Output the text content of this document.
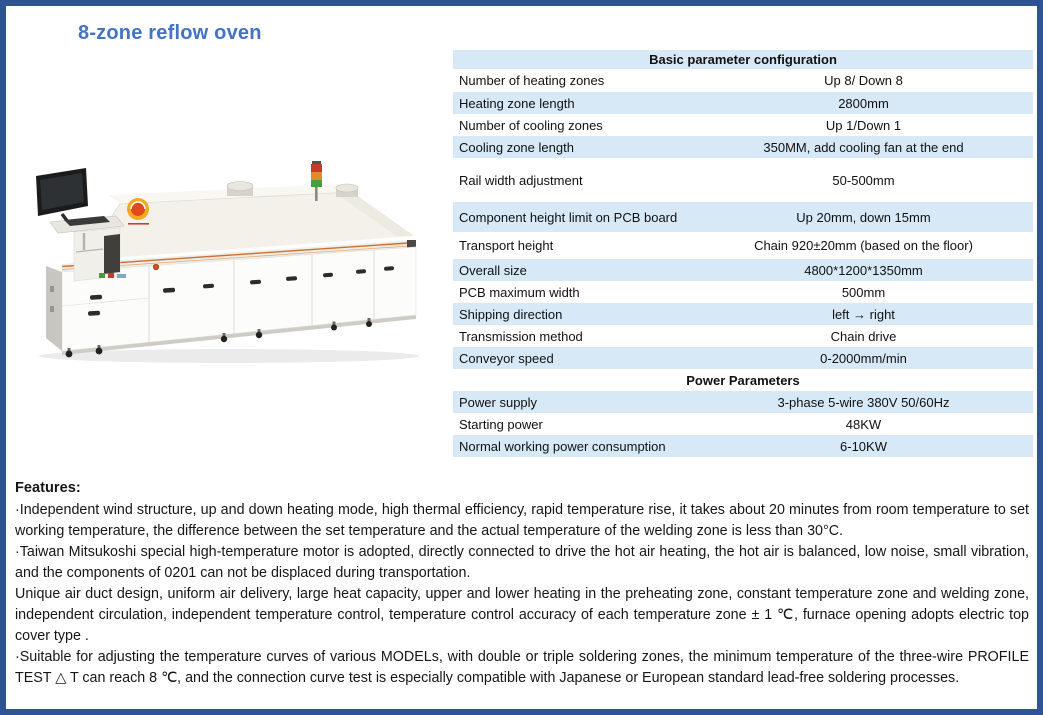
8-zone reflow oven
Basic parameter configuration
Number of heating zones	Up 8/ Down 8
Heating zone length	2800mm
Number of cooling zones	Up 1/Down 1
Cooling zone length	350MM, add cooling fan at the end
Rail width adjustment	50-500mm
Component height limit on PCB board	Up 20mm, down 15mm
Transport height	Chain 920±20mm (based on the floor)
Overall size	4800*1200*1350mm
PCB maximum width	500mm
Shipping direction	left → right
Transmission method	Chain drive
Conveyor speed	0-2000mm/min
Power Parameters
Power supply	3-phase 5-wire 380V 50/60Hz
Starting power	48KW
Normal working power consumption	6-10KW
Features:

·Independent wind structure, up and down heating mode, high thermal efficiency, rapid temperature rise, it takes about 20 minutes from room temperature to set working temperature, the difference between the set temperature and the actual temperature of the welding zone is less than 30°C.

·Taiwan Mitsukoshi special high-temperature motor is adopted, directly connected to drive the hot air heating, the hot air is balanced, low noise, small vibration, and the components of 0201 can not be displaced during transportation.

Unique air duct design, uniform air delivery, large heat capacity, upper and lower heating in the preheating zone, constant temperature zone and welding zone, independent circulation, independent temperature control, temperature control accuracy of each temperature zone ± 1 ℃, furnace opening adopts electric top cover type .

·Suitable for adjusting the temperature curves of various MODELs, with double or triple soldering zones, the minimum temperature of the three-wire PROFILE TEST △ T can reach 8 ℃, and the connection curve test is especially compatible with Japanese or European standard lead-free soldering processes.
